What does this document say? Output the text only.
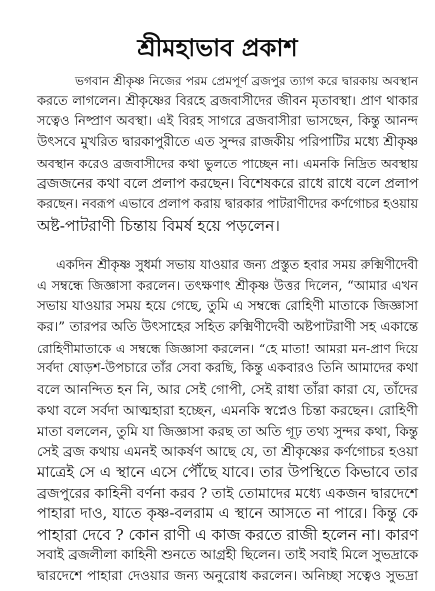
শ্রীমহাভাব প্রকাশ
ভগবান শ্রীকৃষ্ণ নিজের পরম প্রেমপূর্ণ ব্রজপুর ত্যাগ করে দ্বারকায় অবস্থান
করতে লাগলেন। শ্রীকৃষ্ণের বিরহে ব্রজবাসীদের জীবন মৃতাবস্থা। প্রাণ থাকার
সত্বেও নিষ্প্রাণ অবস্থা। এই বিরহ সাগরে ব্রজবাসীরা ভাসছেন, কিন্তু আনন্দ
উৎসবে মুখরিত দ্বারকাপুরীতে এত সুন্দর রাজকীয় পরিপাটির মধ্যে শ্রীকৃষ্ণ
অবস্থান করেও ব্রজবাসীদের কথা ভুলতে পাচ্ছেন না। এমনকি নিদ্রিত অবস্থায়
ব্রজজনের কথা বলে প্রলাপ করছেন। বিশেষকরে রাধে রাধে বলে প্রলাপ
করছেন। নবরূপ এভাবে প্রলাপ করায় দ্বারকার পাটরাণীদের কর্ণগোচর হওয়ায়
অষ্ট-পাটরাণী চিন্তায় বিমর্ষ হয়ে পড়লেন।
একদিন শ্রীকৃষ্ণ সুধর্মা সভায় যাওয়ার জন্য প্রস্তুত হবার সময় রুক্মিণীদেবী
এ সম্বন্ধে জিজ্ঞাসা করলেন। তৎক্ষণাৎ শ্রীকৃষ্ণ উত্তর দিলেন, “আমার এখন
সভায় যাওয়ার সময় হয়ে গেছে, তুমি এ সম্বন্ধে রোহিণী মাতাকে জিজ্ঞাসা
কর।” তারপর অতি উৎসাহের সহিত রুক্মিণীদেবী অষ্টপাটরাণী সহ একান্তে
রোহিণীমাতাকে এ সম্বন্ধে জিজ্ঞাসা করলেন। “হে মাতা! আমরা মন-প্রাণ দিয়ে
সর্বদা ষোড়শ-উপচারে তাঁর সেবা করছি, কিন্তু একবারও তিনি আমাদের কথা
বলে আনন্দিত হন নি, আর সেই গোপী, সেই রাধা তাঁরা কারা যে, তাঁদের
কথা বলে সর্বদা আত্মহারা হচ্ছেন, এমনকি স্বপ্নেও চিন্তা করছেন। রোহিণী
মাতা বললেন, তুমি যা জিজ্ঞাসা করছ তা অতি গূঢ় তথ্য সুন্দর কথা, কিন্তু
সেই ব্রজ কথায় এমনই আকর্ষণ আছে যে, তা শ্রীকৃষ্ণের কর্ণগোচর হওয়া
মাত্রেই সে এ স্থানে এসে পৌঁছে যাবে। তার উপস্থিতে কিভাবে তার
ব্রজপুরের কাহিনী বর্ণনা করব ? তাই তোমাদের মধ্যে একজন দ্বারদেশে
পাহারা দাও, যাতে কৃষ্ণ-বলরাম এ স্থানে আসতে না পারে। কিন্তু কে
পাহারা দেবে ? কোন রাণী এ কাজ করতে রাজী হলেন না। কারণ
সবাই ব্রজলীলা কাহিনী শুনতে আগ্রহী ছিলেন। তাই সবাই মিলে সুভদ্রাকে
দ্বারদেশে পাহারা দেওয়ার জন্য অনুরোধ করলেন। অনিচ্ছা সত্বেও সুভদ্রা
